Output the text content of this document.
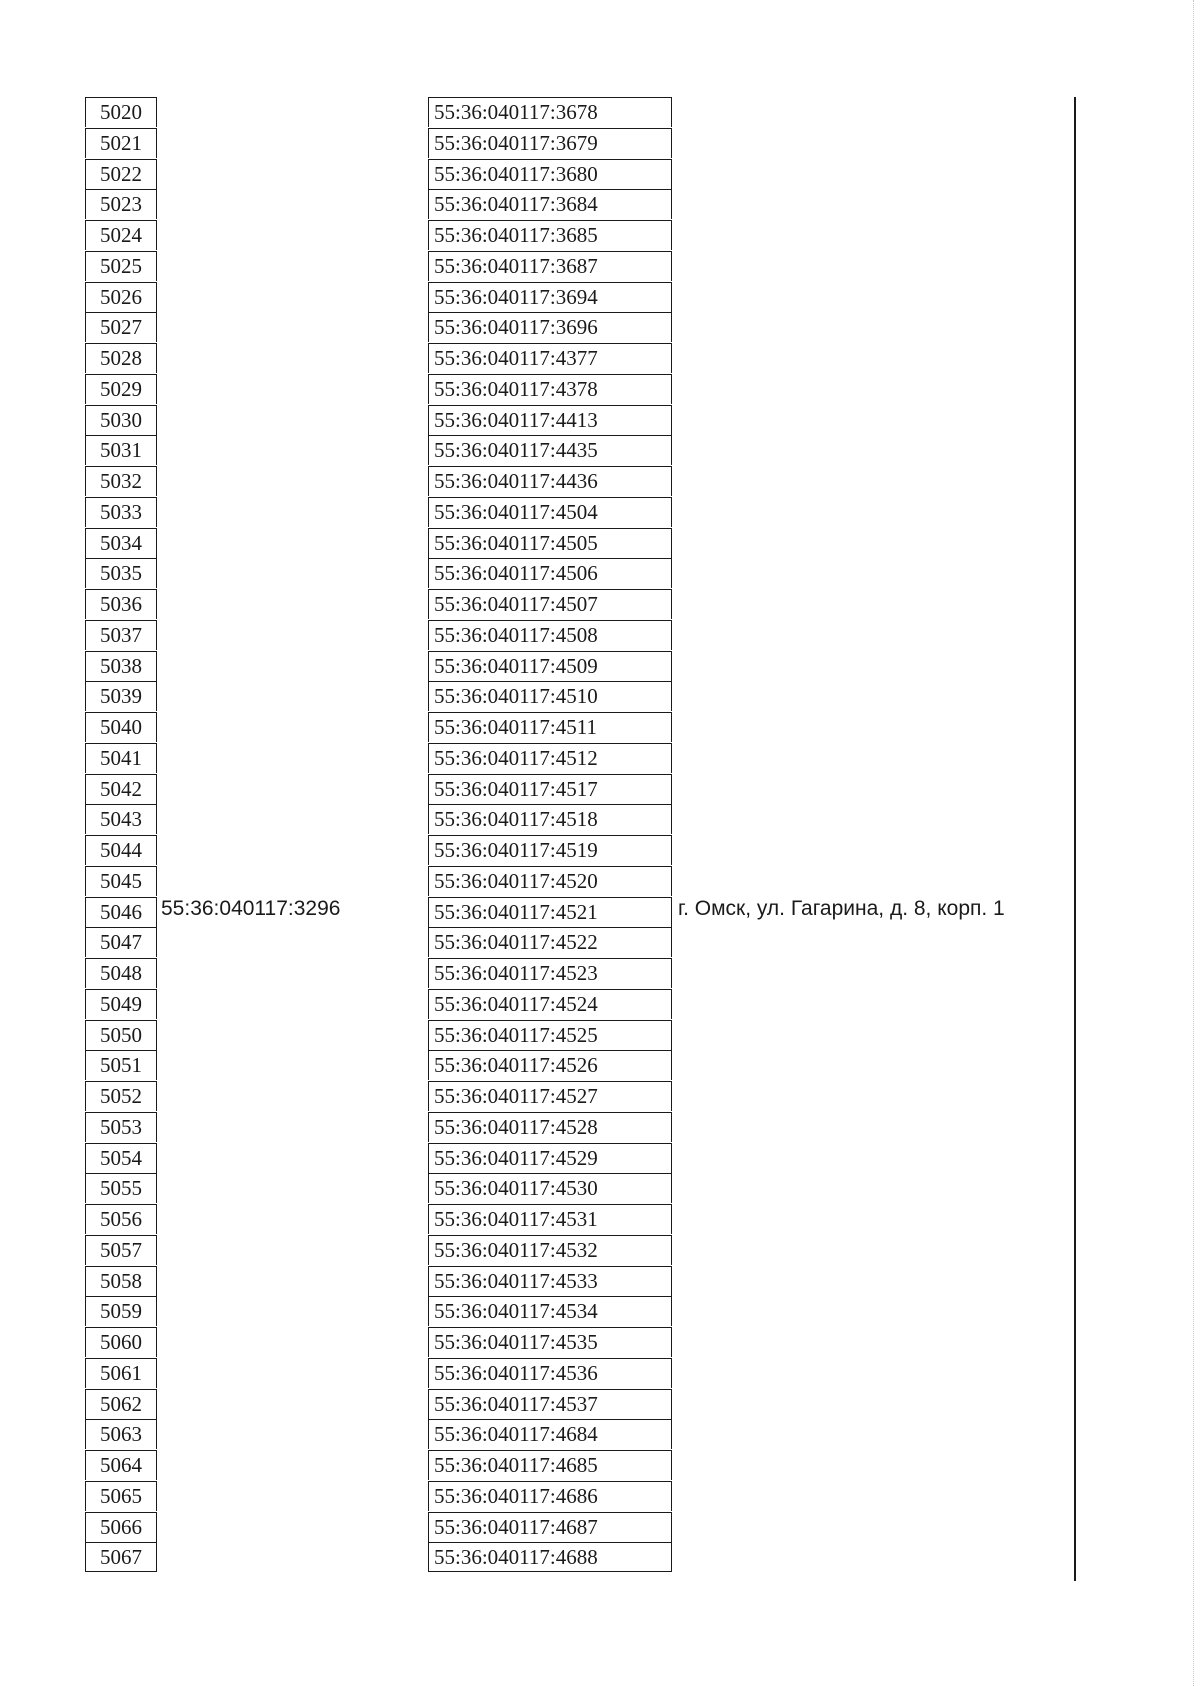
5020	55:36:040117:3678
5021	55:36:040117:3679
5022	55:36:040117:3680
5023	55:36:040117:3684
5024	55:36:040117:3685
5025	55:36:040117:3687
5026	55:36:040117:3694
5027	55:36:040117:3696
5028	55:36:040117:4377
5029	55:36:040117:4378
5030	55:36:040117:4413
5031	55:36:040117:4435
5032	55:36:040117:4436
5033	55:36:040117:4504
5034	55:36:040117:4505
5035	55:36:040117:4506
5036	55:36:040117:4507
5037	55:36:040117:4508
5038	55:36:040117:4509
5039	55:36:040117:4510
5040	55:36:040117:4511
5041	55:36:040117:4512
5042	55:36:040117:4517
5043	55:36:040117:4518
5044	55:36:040117:4519
5045	55:36:040117:4520
5046	55:36:040117:4521
5047	55:36:040117:4522
5048	55:36:040117:4523
5049	55:36:040117:4524
5050	55:36:040117:4525
5051	55:36:040117:4526
5052	55:36:040117:4527
5053	55:36:040117:4528
5054	55:36:040117:4529
5055	55:36:040117:4530
5056	55:36:040117:4531
5057	55:36:040117:4532
5058	55:36:040117:4533
5059	55:36:040117:4534
5060	55:36:040117:4535
5061	55:36:040117:4536
5062	55:36:040117:4537
5063	55:36:040117:4684
5064	55:36:040117:4685
5065	55:36:040117:4686
5066	55:36:040117:4687
5067	55:36:040117:4688
55:36:040117:3296	г. Омск, ул. Гагарина, д. 8, корп. 1
